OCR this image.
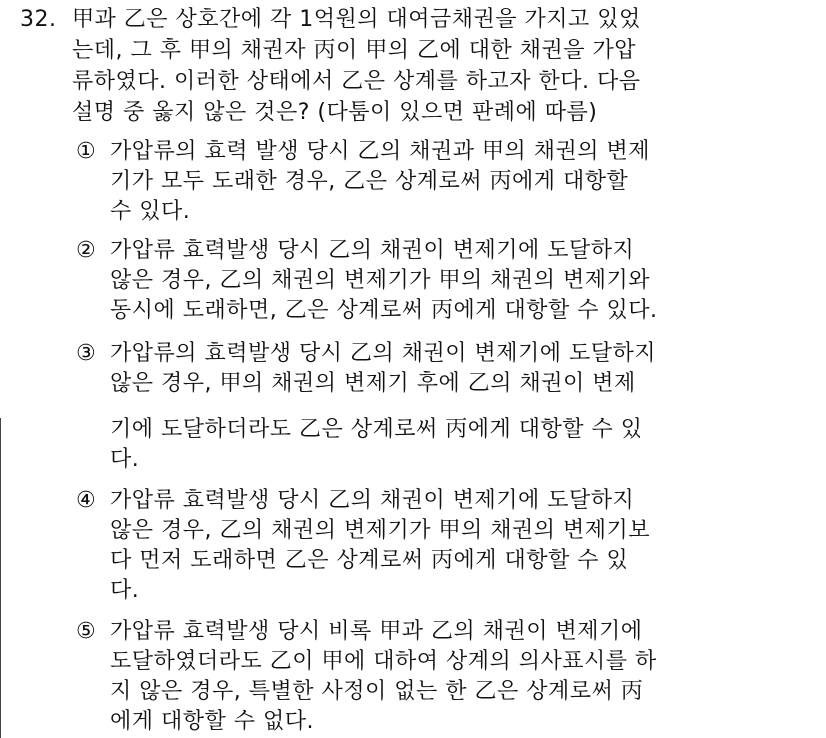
32. 甲과 乙은 상호간에 각 1억원의 대여금채권을 가지고 있었
는데, 그 후 甲의 채권자 丙이 甲의 乙에 대한 채권을 가압
류하였다. 이러한 상태에서 乙은 상계를 하고자 한다. 다음
설명 중 옳지 않은 것은? (다툼이 있으면 판례에 따름)
① 가압류의 효력 발생 당시 乙의 채권과 甲의 채권의 변제
기가 모두 도래한 경우, 乙은 상계로써 丙에게 대항할
수 있다.
② 가압류 효력발생 당시 乙의 채권이 변제기에 도달하지
않은 경우, 乙의 채권의 변제기가 甲의 채권의 변제기와
동시에 도래하면, 乙은 상계로써 丙에게 대항할 수 있다.
③ 가압류의 효력발생 당시 乙의 채권이 변제기에 도달하지
않은 경우, 甲의 채권의 변제기 후에 乙의 채권이 변제
기에 도달하더라도 乙은 상계로써 丙에게 대항할 수 있
다.
④ 가압류 효력발생 당시 乙의 채권이 변제기에 도달하지
않은 경우, 乙의 채권의 변제기가 甲의 채권의 변제기보
다 먼저 도래하면 乙은 상계로써 丙에게 대항할 수 있
다.
⑤ 가압류 효력발생 당시 비록 甲과 乙의 채권이 변제기에
도달하였더라도 乙이 甲에 대하여 상계의 의사표시를 하
지 않은 경우, 특별한 사정이 없는 한 乙은 상계로써 丙
에게 대항할 수 없다.
